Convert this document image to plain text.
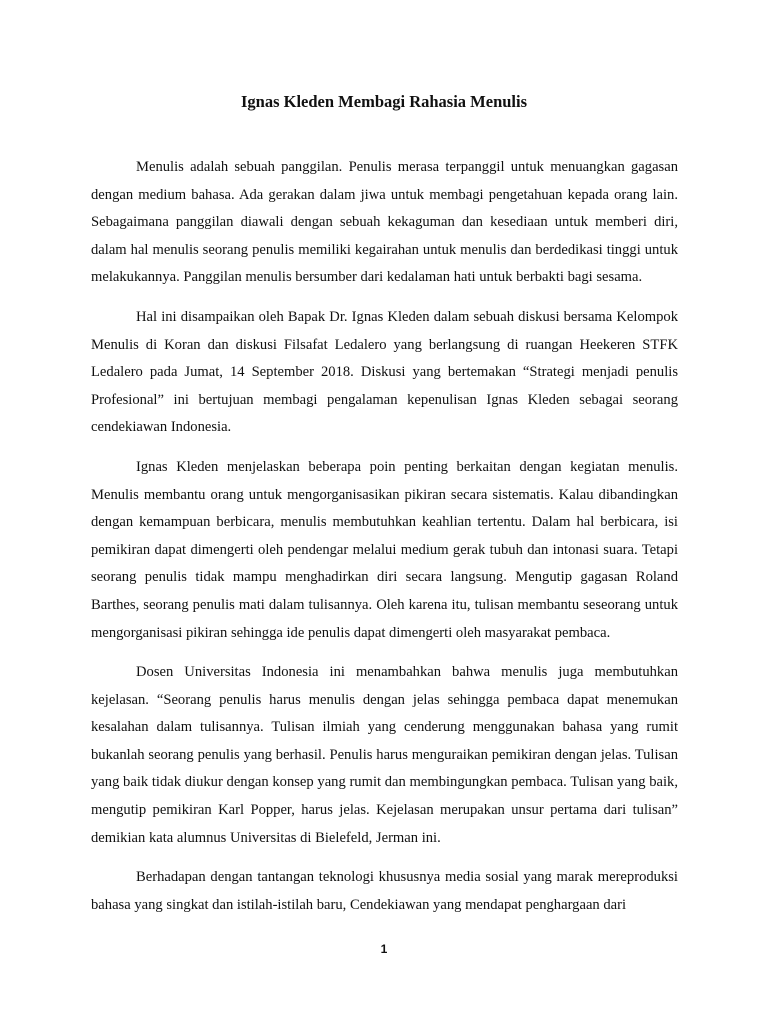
Ignas Kleden Membagi Rahasia Menulis

Menulis adalah sebuah panggilan. Penulis merasa terpanggil untuk menuangkan gagasan dengan medium bahasa. Ada gerakan dalam jiwa untuk membagi pengetahuan kepada orang lain. Sebagaimana panggilan diawali dengan sebuah kekaguman dan kesediaan untuk memberi diri, dalam hal menulis seorang penulis memiliki kegairahan untuk menulis dan berdedikasi tinggi untuk melakukannya. Panggilan menulis bersumber dari kedalaman hati untuk berbakti bagi sesama.

Hal ini disampaikan oleh Bapak Dr. Ignas Kleden dalam sebuah diskusi bersama Kelompok Menulis di Koran dan diskusi Filsafat Ledalero yang berlangsung di ruangan Heekeren STFK Ledalero pada Jumat, 14 September 2018. Diskusi yang bertemakan “Strategi menjadi penulis Profesional” ini bertujuan membagi pengalaman kepenulisan Ignas Kleden sebagai seorang cendekiawan Indonesia.

Ignas Kleden menjelaskan beberapa poin penting berkaitan dengan kegiatan menulis. Menulis membantu orang untuk mengorganisasikan pikiran secara sistematis. Kalau dibandingkan dengan kemampuan berbicara, menulis membutuhkan keahlian tertentu. Dalam hal berbicara, isi pemikiran dapat dimengerti oleh pendengar melalui medium gerak tubuh dan intonasi suara. Tetapi seorang penulis tidak mampu menghadirkan diri secara langsung. Mengutip gagasan Roland Barthes, seorang penulis mati dalam tulisannya. Oleh karena itu, tulisan membantu seseorang untuk mengorganisasi pikiran sehingga ide penulis dapat dimengerti oleh masyarakat pembaca.

Dosen Universitas Indonesia ini menambahkan bahwa menulis juga membutuhkan kejelasan. “Seorang penulis harus menulis dengan jelas sehingga pembaca dapat menemukan kesalahan dalam tulisannya. Tulisan ilmiah yang cenderung menggunakan bahasa yang rumit bukanlah seorang penulis yang berhasil. Penulis harus menguraikan pemikiran dengan jelas. Tulisan yang baik tidak diukur dengan konsep yang rumit dan membingungkan pembaca. Tulisan yang baik, mengutip pemikiran Karl Popper, harus jelas. Kejelasan merupakan unsur pertama dari tulisan” demikian kata alumnus Universitas di Bielefeld, Jerman ini.

Berhadapan dengan tantangan teknologi khususnya media sosial yang marak mereproduksi bahasa yang singkat dan istilah-istilah baru, Cendekiawan yang mendapat penghargaan dari

1
